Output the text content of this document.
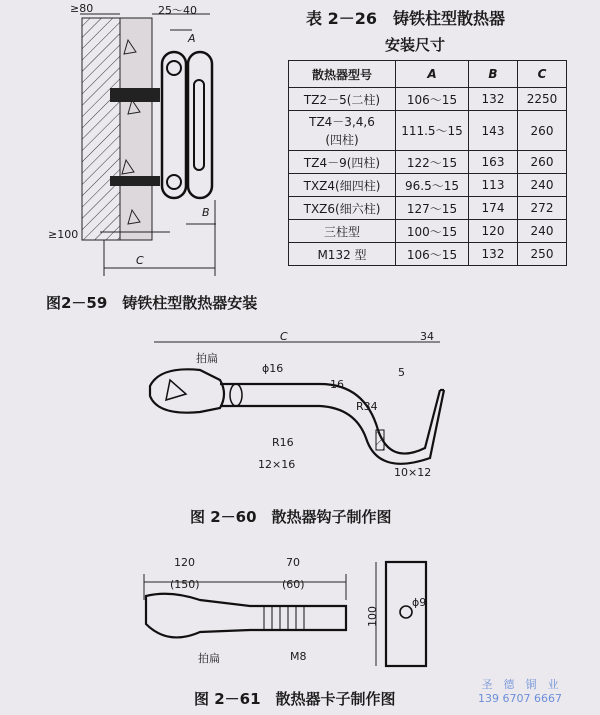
≥80	25～40
A
B
C
≥100
图2－59　铸铁柱型散热器安装
表 2－26　铸铁柱型散热器
安装尺寸
散热器型号	A	B	C
TZ2－5(二柱)	106～15	132	2250
TZ4－3,4,6
(四柱)	111.5～15	143	260
TZ4－9(四柱)	122～15	163	260
TXZ4(细四柱)	96.5～15	113	240
TXZ6(细六柱)	127～15	174	272
三柱型	100～15	120	240
M132 型	106～15	132	250
C	34
拍扁
ϕ16
16
R34
5
R16
12×16
10×12
图 2－60　散热器钩子制作图
120
(150)
70
(60)
拍扁	M8
100
ϕ9
图 2－61　散热器卡子制作图
圣　德　铜　业
139 6707 6667
